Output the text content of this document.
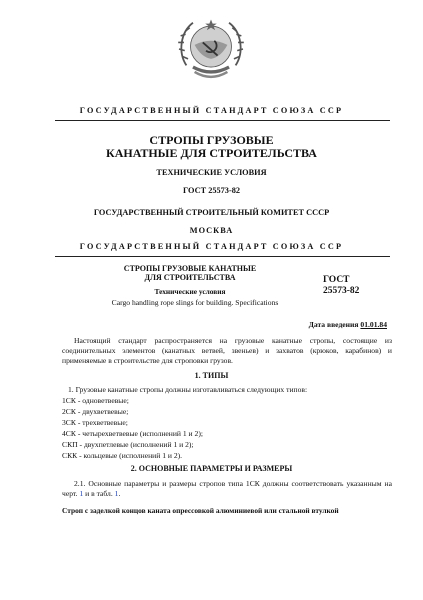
ГОСУДАРСТВЕННЫЙ СТАНДАРТ СОЮЗА ССР
СТРОПЫ ГРУЗОВЫЕ
КАНАТНЫЕ ДЛЯ СТРОИТЕЛЬСТВА
ТЕХНИЧЕСКИЕ УСЛОВИЯ
ГОСТ 25573-82
ГОСУДАРСТВЕННЫЙ СТРОИТЕЛЬНЫЙ КОМИТЕТ СССР
МОСКВА
ГОСУДАРСТВЕННЫЙ СТАНДАРТ СОЮЗА ССР
СТРОПЫ ГРУЗОВЫЕ КАНАТНЫЕ
ДЛЯ СТРОИТЕЛЬСТВА
Технические условия
Cargo handling rope slings for building. Specifications
ГОСТ
25573-82
Дата введения 01.01.84
Настоящий стандарт распространяется на грузовые канатные стропы, состоящие из соединительных элементов (канатных ветвей, звеньев) и захватов (крюков, карабинов) и применяемые в строительстве для строповки грузов.
1. ТИПЫ
1. Грузовые канатные стропы должны изготавливаться следующих типов:
1СК - одноветвевые;
2СК - двухветвевые;
3СК - трехветвевые;
4СК - четырехветвевые (исполнений 1 и 2);
СКП - двухпетлевые (исполнений 1 и 2);
СКК - кольцевые (исполнений 1 и 2).
2. ОСНОВНЫЕ ПАРАМЕТРЫ И РАЗМЕРЫ
2.1. Основные параметры и размеры стропов типа 1СК должны соответствовать указанным на черт. 1 и в табл. 1.
Строп с заделкой концов каната опрессовкой алюминиевой или стальной втулкой
